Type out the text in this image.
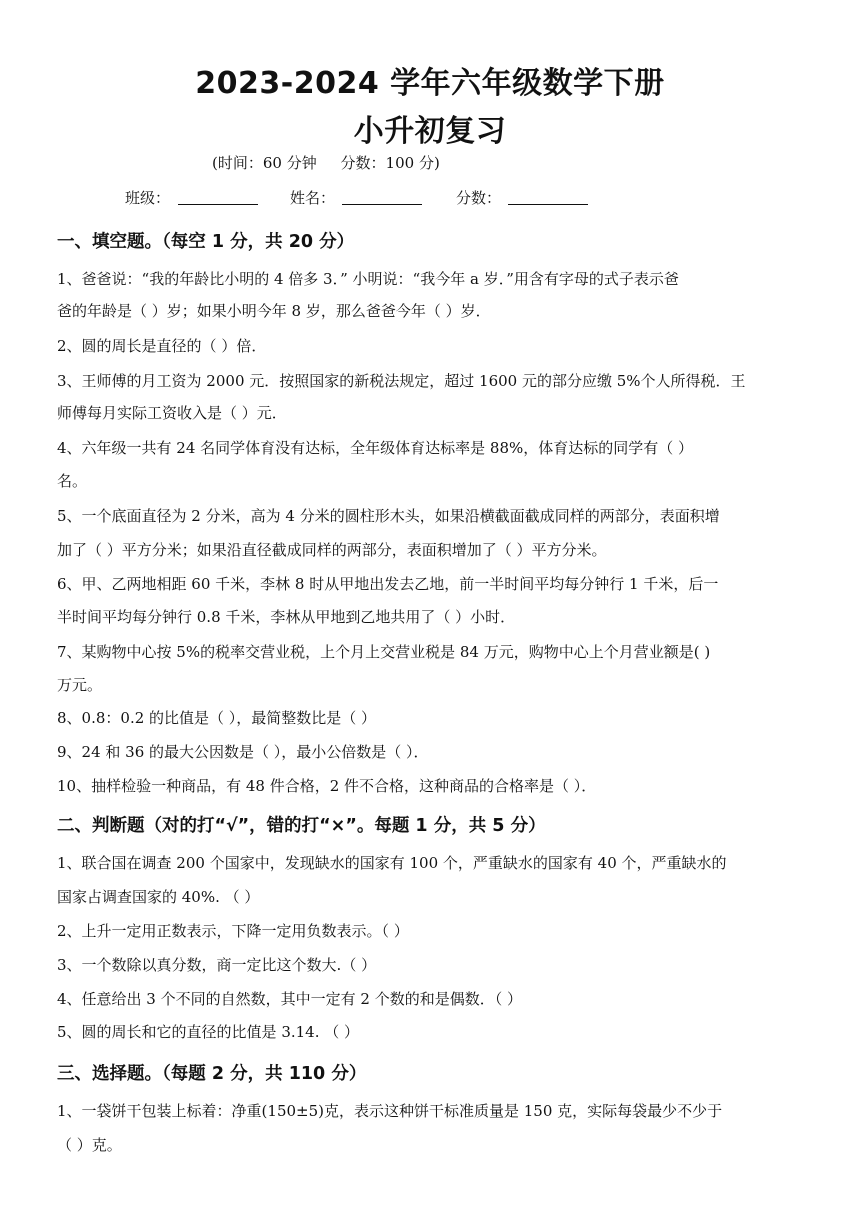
2023-2024 学年六年级数学下册
小升初复习
(时间：60 分钟     分数：100 分)
班级：	姓名：	分数：
一、填空题。（每空 1 分，共 20 分）
1、爸爸说：“我的年龄比小明的 4 倍多 3．” 小明说：“我今年 a 岁．”用含有字母的式子表示爸
爸的年龄是（ ）岁；如果小明今年 8 岁，那么爸爸今年（ ）岁．
2、圆的周长是直径的（ ）倍．
3、王师傅的月工资为 2000 元．按照国家的新税法规定，超过 1600 元的部分应缴 5%个人所得税．王
师傅每月实际工资收入是（ ）元．
4、六年级一共有 24 名同学体育没有达标，全年级体育达标率是 88%，体育达标的同学有（ ）
名。
5、一个底面直径为 2 分米，高为 4 分米的圆柱形木头，如果沿横截面截成同样的两部分，表面积增
加了（ ）平方分米；如果沿直径截成同样的两部分，表面积增加了（ ）平方分米。
6、甲、乙两地相距 60 千米，李林 8 时从甲地出发去乙地，前一半时间平均每分钟行 1 千米，后一
半时间平均每分钟行 0.8 千米，李林从甲地到乙地共用了（ ）小时．
7、某购物中心按 5%的税率交营业税，上个月上交营业税是 84 万元，购物中心上个月营业额是( )
万元。
8、0.8：0.2 的比值是（ ），最简整数比是（ ）
9、24 和 36 的最大公因数是（ ），最小公倍数是（ ）．
10、抽样检验一种商品，有 48 件合格，2 件不合格，这种商品的合格率是（ ）．
二、判断题（对的打“√”，错的打“×”。每题 1 分，共 5 分）
1、联合国在调查 200 个国家中，发现缺水的国家有 100 个，严重缺水的国家有 40 个，严重缺水的
国家占调查国家的 40%. （ ）
2、上升一定用正数表示，下降一定用负数表示。（ ）
3、一个数除以真分数，商一定比这个数大.（ ）
4、任意给出 3 个不同的自然数，其中一定有 2 个数的和是偶数．（ ）
5、圆的周长和它的直径的比值是 3.14. （ ）
三、选择题。（每题 2 分，共 110 分）
1、一袋饼干包装上标着：净重(150±5)克，表示这种饼干标准质量是 150 克，实际每袋最少不少于
（ ）克。
